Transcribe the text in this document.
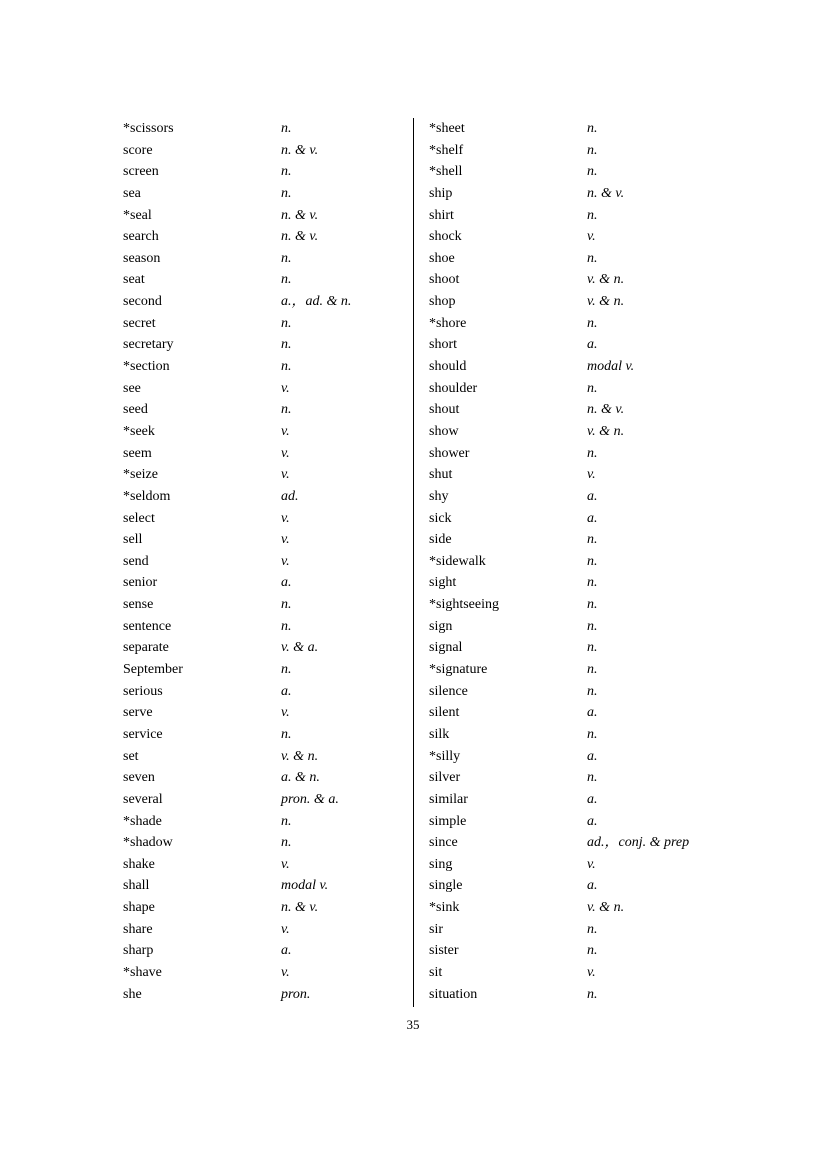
*scissors	n.
score	n. & v.
screen	n.
sea	n.
*seal	n. & v.
search	n. & v.
season	n.
seat	n.
second	a.，ad. & n.
secret	n.
secretary	n.
*section	n.
see	v.
seed	n.
*seek	v.
seem	v.
*seize	v.
*seldom	ad.
select	v.
sell	v.
send	v.
senior	a.
sense	n.
sentence	n.
separate	v. & a.
September	n.
serious	a.
serve	v.
service	n.
set	v. & n.
seven	a. & n.
several	pron. & a.
*shade	n.
*shadow	n.
shake	v.
shall	modal v.
shape	n. & v.
share	v.
sharp	a.
*shave	v.
she	pron.
*sheet	n.
*shelf	n.
*shell	n.
ship	n. & v.
shirt	n.
shock	v.
shoe	n.
shoot	v. & n.
shop	v. & n.
*shore	n.
short	a.
should	modal v.
shoulder	n.
shout	n. & v.
show	v. & n.
shower	n.
shut	v.
shy	a.
sick	a.
side	n.
*sidewalk	n.
sight	n.
*sightseeing	n.
sign	n.
signal	n.
*signature	n.
silence	n.
silent	a.
silk	n.
*silly	a.
silver	n.
similar	a.
simple	a.
since	ad.，conj. & prep
sing	v.
single	a.
*sink	v. & n.
sir	n.
sister	n.
sit	v.
situation	n.
35
